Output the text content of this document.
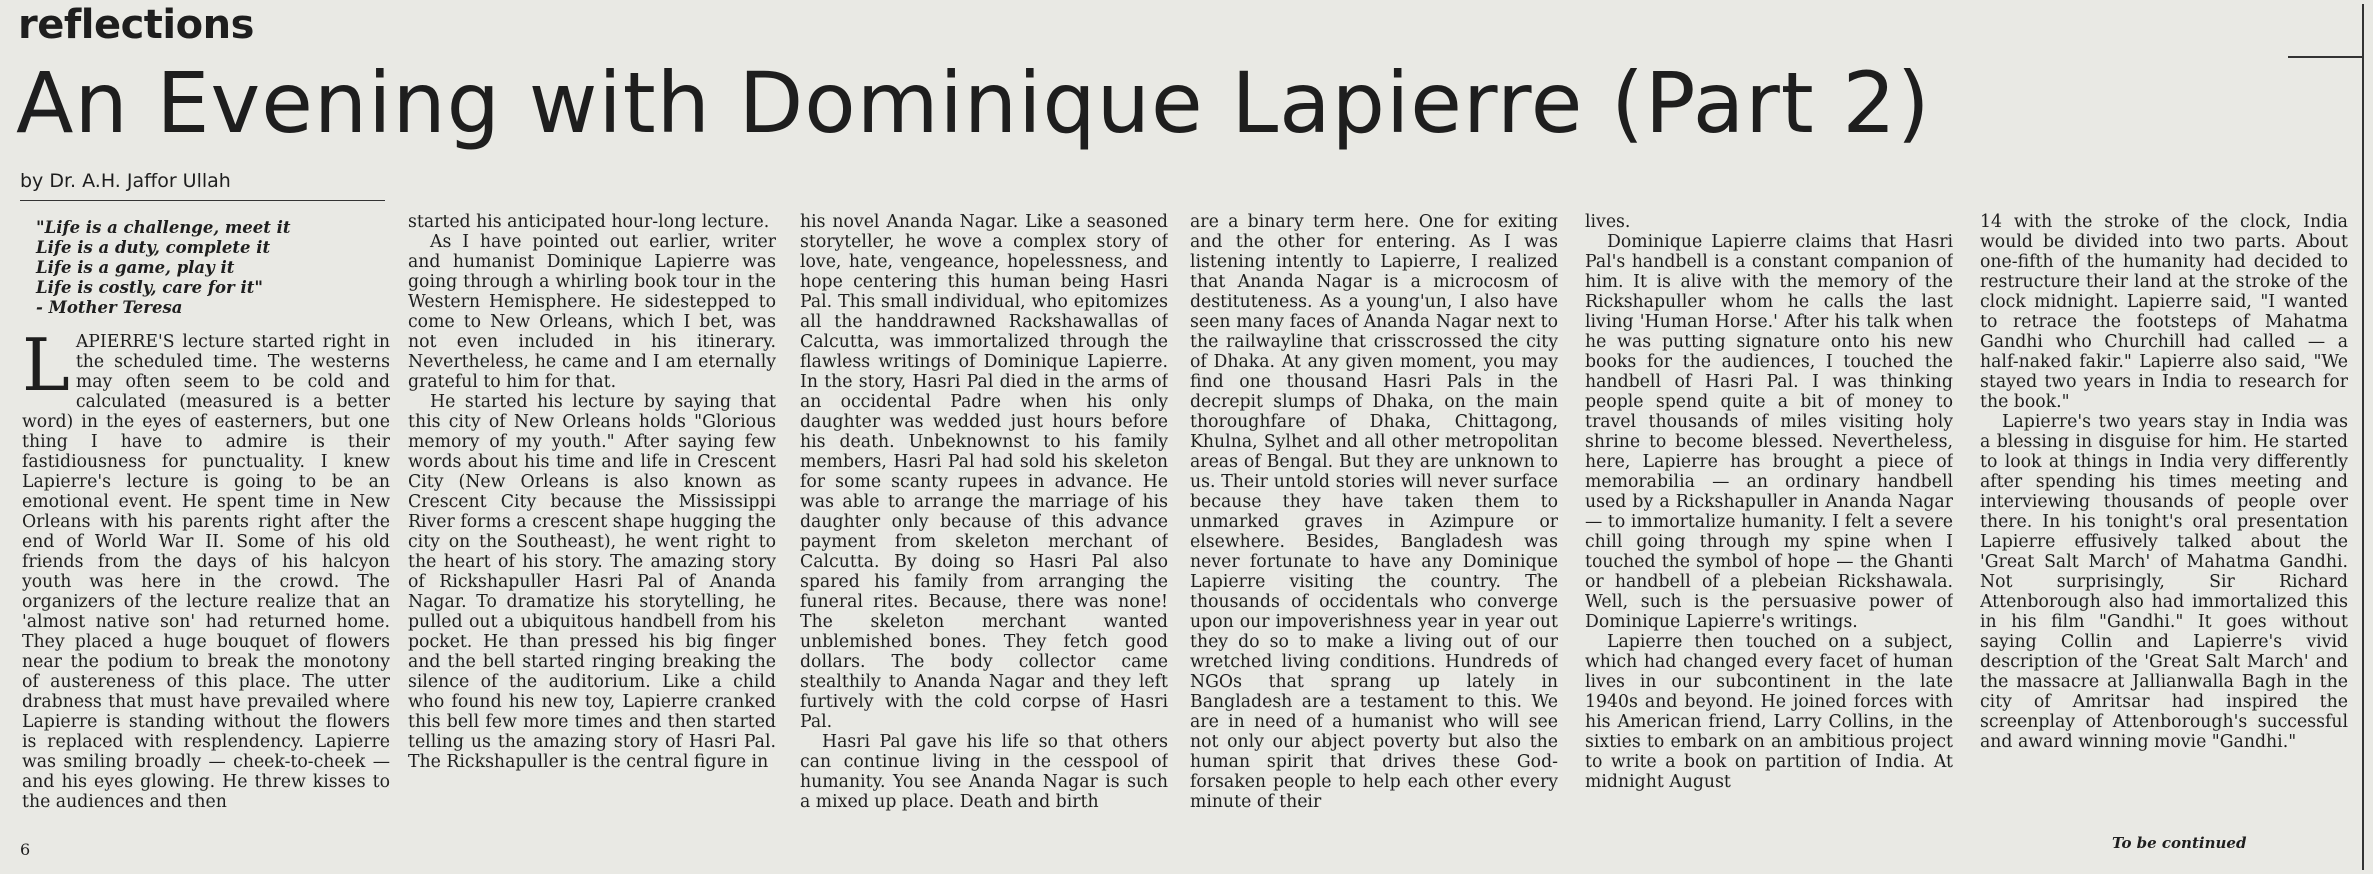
reflections
An Evening with Dominique Lapierre (Part 2)
by Dr. A.H. Jaffor Ullah
"Life is a challenge, meet it
Life is a duty, complete it
Life is a game, play it
Life is costly, care for it"
- Mother Teresa

LAPIERRE'S lecture started right in the scheduled time. The westerns may often seem to be cold and calculated (measured is a better word) in the eyes of easterners, but one thing I have to admire is their fastidiousness for punctuality. I knew Lapierre's lecture is going to be an emotional event. He spent time in New Orleans with his parents right after the end of World War II. Some of his old friends from the days of his halcyon youth was here in the crowd. The organizers of the lecture realize that an 'almost native son' had returned home. They placed a huge bouquet of flowers near the podium to break the monotony of austereness of this place. The utter drabness that must have prevailed where Lapierre is standing without the flowers is replaced with resplendency. Lapierre was smiling broadly — cheek-to-cheek — and his eyes glowing. He threw kisses to the audiences and then

started his anticipated hour-long lecture.

As I have pointed out earlier, writer and humanist Dominique Lapierre was going through a whirling book tour in the Western Hemisphere. He sidestepped to come to New Orleans, which I bet, was not even included in his itinerary. Nevertheless, he came and I am eternally grateful to him for that.

He started his lecture by saying that this city of New Orleans holds "Glorious memory of my youth." After saying few words about his time and life in Crescent City (New Orleans is also known as Crescent City because the Mississippi River forms a crescent shape hugging the city on the Southeast), he went right to the heart of his story. The amazing story of Rickshapuller Hasri Pal of Ananda Nagar. To dramatize his storytelling, he pulled out a ubiquitous handbell from his pocket. He than pressed his big finger and the bell started ringing breaking the silence of the auditorium. Like a child who found his new toy, Lapierre cranked this bell few more times and then started telling us the amazing story of Hasri Pal. The Rickshapuller is the central figure in

his novel Ananda Nagar. Like a seasoned storyteller, he wove a complex story of love, hate, vengeance, hopelessness, and hope centering this human being Hasri Pal. This small individual, who epitomizes all the handdrawned Rackshawallas of Calcutta, was immortalized through the flawless writings of Dominique Lapierre. In the story, Hasri Pal died in the arms of an occidental Padre when his only daughter was wedded just hours before his death. Unbeknownst to his family members, Hasri Pal had sold his skeleton for some scanty rupees in advance. He was able to arrange the marriage of his daughter only because of this advance payment from skeleton merchant of Calcutta. By doing so Hasri Pal also spared his family from arranging the funeral rites. Because, there was none! The skeleton merchant wanted unblemished bones. They fetch good dollars. The body collector came stealthily to Ananda Nagar and they left furtively with the cold corpse of Hasri Pal.

Hasri Pal gave his life so that others can continue living in the cesspool of humanity. You see Ananda Nagar is such a mixed up place. Death and birth

are a binary term here. One for exiting and the other for entering. As I was listening intently to Lapierre, I realized that Ananda Nagar is a microcosm of destituteness. As a young'un, I also have seen many faces of Ananda Nagar next to the railwayline that crisscrossed the city of Dhaka. At any given moment, you may find one thousand Hasri Pals in the decrepit slumps of Dhaka, on the main thoroughfare of Dhaka, Chittagong, Khulna, Sylhet and all other metropolitan areas of Bengal. But they are unknown to us. Their untold stories will never surface because they have taken them to unmarked graves in Azimpure or elsewhere. Besides, Bangladesh was never fortunate to have any Dominique Lapierre visiting the country. The thousands of occidentals who converge upon our impoverishness year in year out they do so to make a living out of our wretched living conditions. Hundreds of NGOs that sprang up lately in Bangladesh are a testament to this. We are in need of a humanist who will see not only our abject poverty but also the human spirit that drives these God-forsaken people to help each other every minute of their

lives.

Dominique Lapierre claims that Hasri Pal's handbell is a constant companion of him. It is alive with the memory of the Rickshapuller whom he calls the last living 'Human Horse.' After his talk when he was putting signature onto his new books for the audiences, I touched the handbell of Hasri Pal. I was thinking people spend quite a bit of money to travel thousands of miles visiting holy shrine to become blessed. Nevertheless, here, Lapierre has brought a piece of memorabilia — an ordinary handbell used by a Rickshapuller in Ananda Nagar — to immortalize humanity. I felt a severe chill going through my spine when I touched the symbol of hope — the Ghanti or handbell of a plebeian Rickshawala. Well, such is the persuasive power of Dominique Lapierre's writings.

Lapierre then touched on a subject, which had changed every facet of human lives in our subcontinent in the late 1940s and beyond. He joined forces with his American friend, Larry Collins, in the sixties to embark on an ambitious project to write a book on partition of India. At midnight August

14 with the stroke of the clock, India would be divided into two parts. About one-fifth of the humanity had decided to restructure their land at the stroke of the clock midnight. Lapierre said, "I wanted to retrace the footsteps of Mahatma Gandhi who Churchill had called — a half-naked fakir." Lapierre also said, "We stayed two years in India to research for the book."

Lapierre's two years stay in India was a blessing in disguise for him. He started to look at things in India very differently after spending his times meeting and interviewing thousands of people over there. In his tonight's oral presentation Lapierre effusively talked about the 'Great Salt March' of Mahatma Gandhi. Not surprisingly, Sir Richard Attenborough also had immortalized this in his film "Gandhi." It goes without saying Collin and Lapierre's vivid description of the 'Great Salt March' and the massacre at Jallianwalla Bagh in the city of Amritsar had inspired the screenplay of Attenborough's successful and award winning movie "Gandhi."

6	To be continued
